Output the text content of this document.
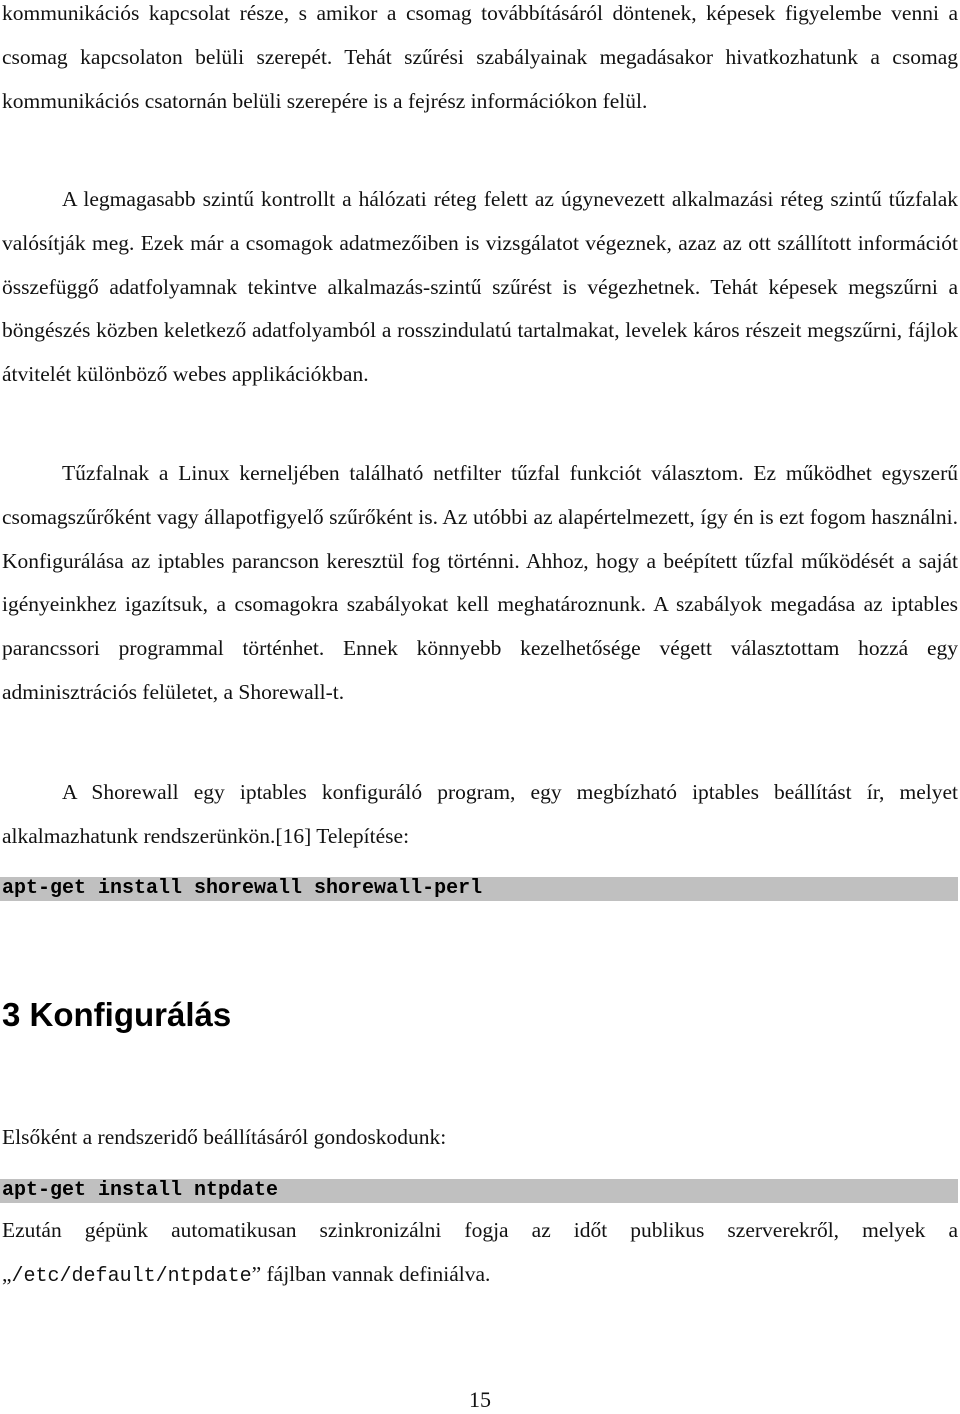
kommunikációs kapcsolat része, s amikor a csomag továbbításáról döntenek, képesek figyelembe venni a csomag kapcsolaton belüli szerepét. Tehát szűrési szabályainak megadásakor hivatkozhatunk a csomag kommunikációs csatornán belüli szerepére is a fejrész információkon felül.

A legmagasabb szintű kontrollt a hálózati réteg felett az úgynevezett alkalmazási réteg szintű tűzfalak valósítják meg. Ezek már a csomagok adatmezőiben is vizsgálatot végeznek, azaz az ott szállított információt összefüggő adatfolyamnak tekintve alkalmazás-szintű szűrést is végezhetnek. Tehát képesek megszűrni a böngészés közben keletkező adatfolyamból a rosszindulatú tartalmakat, levelek káros részeit megszűrni, fájlok átvitelét különböző webes applikációkban.

Tűzfalnak a Linux kerneljében található netfilter tűzfal funkciót választom. Ez működhet egyszerű csomagszűrőként vagy állapotfigyelő szűrőként is. Az utóbbi az alapértelmezett, így én is ezt fogom használni. Konfigurálása az iptables parancson keresztül fog történni. Ahhoz, hogy a beépített tűzfal működését a saját igényeinkhez igazítsuk, a csomagokra szabályokat kell meghatároznunk. A szabályok megadása az iptables parancssori programmal történhet. Ennek könnyebb kezelhetősége végett választottam hozzá egy adminisztrációs felületet, a Shorewall-t.

A Shorewall egy iptables konfiguráló program, egy megbízható iptables beállítást ír, melyet alkalmazhatunk rendszerünkön.[16] Telepítése:

apt-get install shorewall shorewall-perl
3 Konfigurálás

Elsőként a rendszeridő beállításáról gondoskodunk:

apt-get install ntpdate

Ezután gépünk automatikusan szinkronizálni fogja az időt publikus szerverekről, melyek a „/etc/default/ntpdate” fájlban vannak definiálva.

15
